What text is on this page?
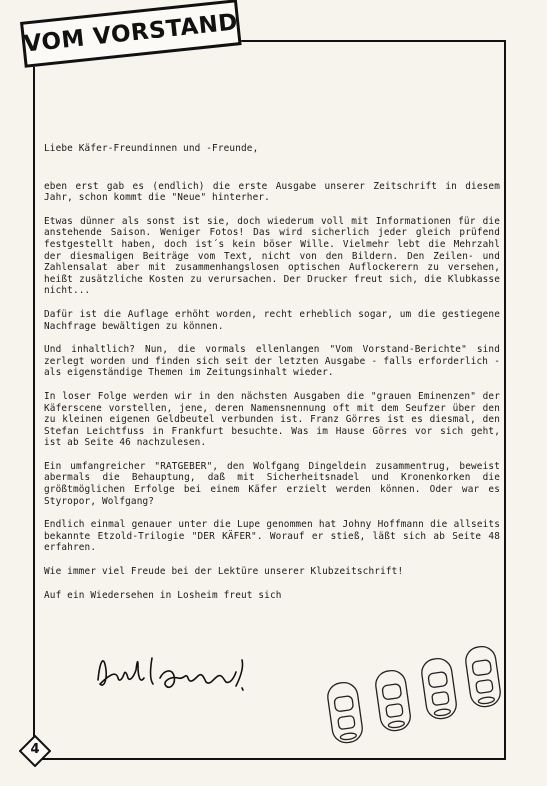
VOM VORSTAND

Liebe Käfer-Freundinnen und -Freunde,

eben erst gab es (endlich) die erste Ausgabe unserer Zeitschrift in diesem Jahr, schon kommt die "Neue" hinterher.

Etwas dünner als sonst ist sie, doch wiederum voll mit Informationen für die anstehende Saison. Weniger Fotos! Das wird sicherlich jeder gleich prüfend festgestellt haben, doch ist´s kein böser Wille. Vielmehr lebt die Mehrzahl der diesmaligen Beiträge vom Text, nicht von den Bildern. Den Zeilen- und Zahlensalat aber mit zusammenhangslosen optischen Auflockerern zu versehen, heißt zusätzliche Kosten zu verursachen. Der Drucker freut sich, die Klubkasse nicht...

Dafür ist die Auflage erhöht worden, recht erheblich sogar, um die gestiegene Nachfrage bewältigen zu können.

Und inhaltlich? Nun, die vormals ellenlangen "Vom Vorstand-Berichte" sind zerlegt worden und finden sich seit der letzten Ausgabe - falls erforderlich - als eigenständige Themen im Zeitungsinhalt wieder.

In loser Folge werden wir in den nächsten Ausgaben die "grauen Eminenzen" der Käferscene vorstellen, jene, deren Namensnennung oft mit dem Seufzer über den zu kleinen eigenen Geldbeutel verbunden ist. Franz Görres ist es diesmal, den Stefan Leichtfuss in Frankfurt besuchte. Was im Hause Görres vor sich geht, ist ab Seite 46 nachzulesen.

Ein umfangreicher "RATGEBER", den Wolfgang Dingeldein zusammentrug, beweist abermals die Behauptung, daß mit Sicherheitsnadel und Kronenkorken die größtmöglichen Erfolge bei einem Käfer erzielt werden können. Oder war es Styropor, Wolfgang?

Endlich einmal genauer unter die Lupe genommen hat Johny Hoffmann die allseits bekannte Etzold-Trilogie "DER KÄFER". Worauf er stieß, läßt sich ab Seite 48 erfahren.

Wie immer viel Freude bei der Lektüre unserer Klubzeitschrift!

Auf ein Wiedersehen in Losheim freut sich

4
